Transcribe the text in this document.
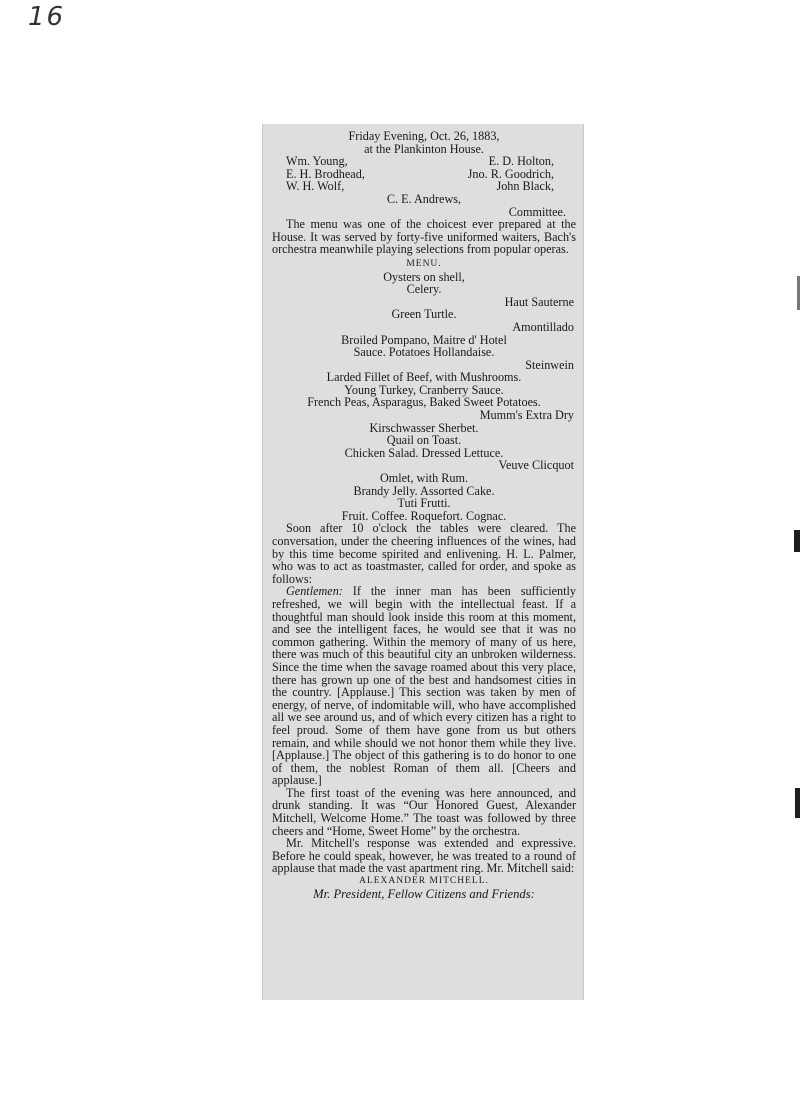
16
Friday Evening, Oct. 26, 1883,
at the Plankinton House.
Wm. Young,	E. D. Holton,
E. H. Brodhead,	Jno. R. Goodrich,
W. H. Wolf,	John Black,
C. E. Andrews,
Committee.

The menu was one of the choicest ever prepared at the House. It was served by forty-five uniformed waiters, Bach's orchestra meanwhile playing selections from popular operas.

MENU.
Oysters on shell,
Celery.
Haut Sauterne
Green Turtle.
Amontillado
Broiled Pompano, Maitre d' Hotel
Sauce. Potatoes Hollandaise.
Steinwein
Larded Fillet of Beef, with Mushrooms.
Young Turkey, Cranberry Sauce.
French Peas, Asparagus, Baked Sweet Potatoes.
Mumm's Extra Dry
Kirschwasser Sherbet.
Quail on Toast.
Chicken Salad. Dressed Lettuce.
Veuve Clicquot
Omlet, with Rum.
Brandy Jelly. Assorted Cake.
Tuti Frutti.
Fruit. Coffee. Roquefort. Cognac.

Soon after 10 o'clock the tables were cleared. The conversation, under the cheering influences of the wines, had by this time become spirited and enlivening. H. L. Palmer, who was to act as toastmaster, called for order, and spoke as follows:

Gentlemen: If the inner man has been sufficiently refreshed, we will begin with the intellectual feast. If a thoughtful man should look inside this room at this moment, and see the intelligent faces, he would see that it was no common gathering. Within the memory of many of us here, there was much of this beautiful city an unbroken wilderness. Since the time when the savage roamed about this very place, there has grown up one of the best and handsomest cities in the country. [Applause.] This section was taken by men of energy, of nerve, of indomitable will, who have accomplished all we see around us, and of which every citizen has a right to feel proud. Some of them have gone from us but others remain, and while should we not honor them while they live. [Applause.] The object of this gathering is to do honor to one of them, the noblest Roman of them all. [Cheers and applause.]

The first toast of the evening was here announced, and drunk standing. It was “Our Honored Guest, Alexander Mitchell, Welcome Home.” The toast was followed by three cheers and “Home, Sweet Home” by the orchestra.

Mr. Mitchell's response was extended and expressive. Before he could speak, however, he was treated to a round of applause that made the vast apartment ring. Mr. Mitchell said:

ALEXANDER MITCHELL.
Mr. President, Fellow Citizens and Friends:
